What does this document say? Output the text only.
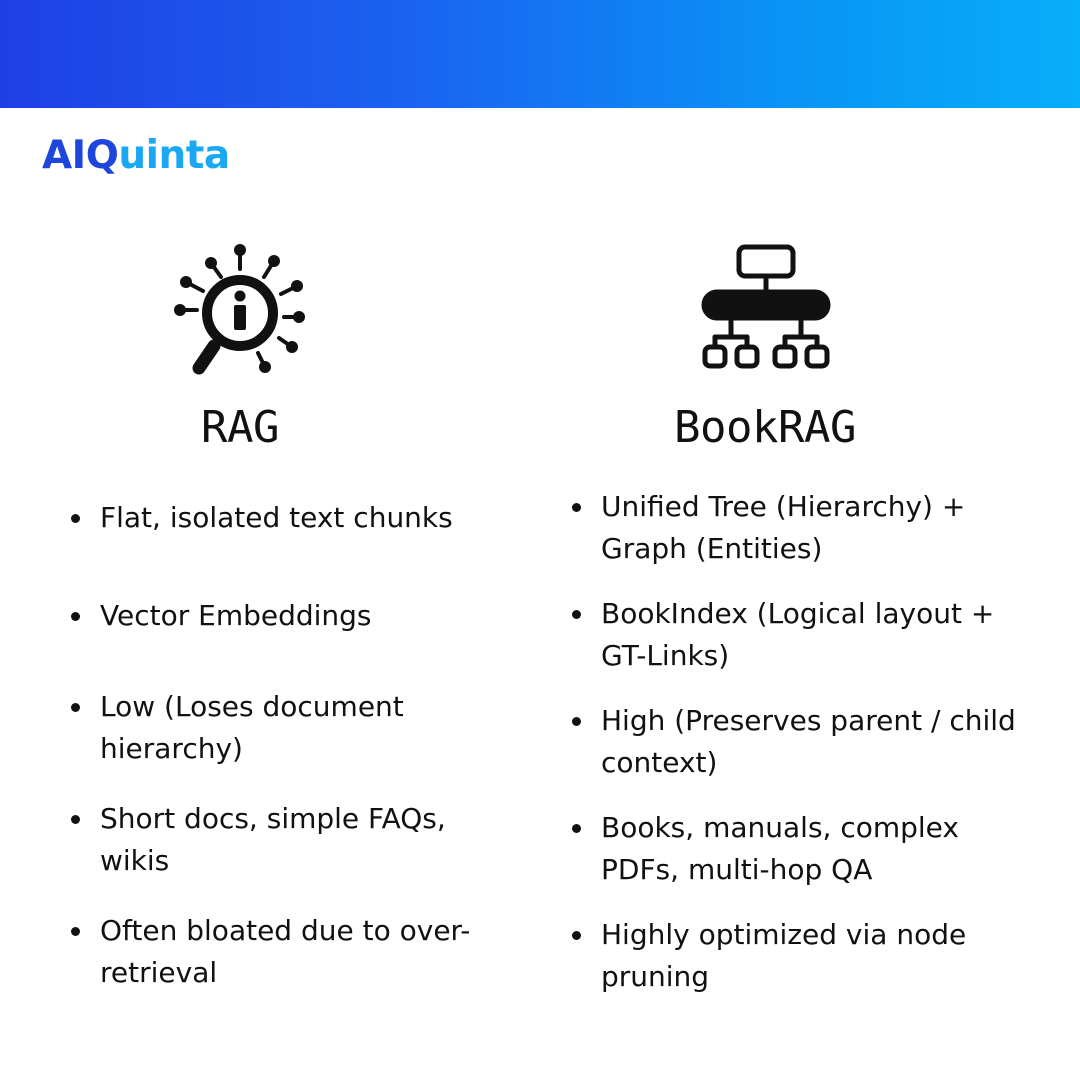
AIQ uinta
RAG	BookRAG
Flat, isolated text chunks
Vector Embeddings
Low (Loses document hierarchy)
Short docs, simple FAQs, wikis
Often bloated due to over-retrieval
Unified Tree (Hierarchy) + Graph (Entities)
BookIndex (Logical layout + GT-Links)
High (Preserves parent / child context)
Books, manuals, complex PDFs, multi-hop QA
Highly optimized via node pruning
